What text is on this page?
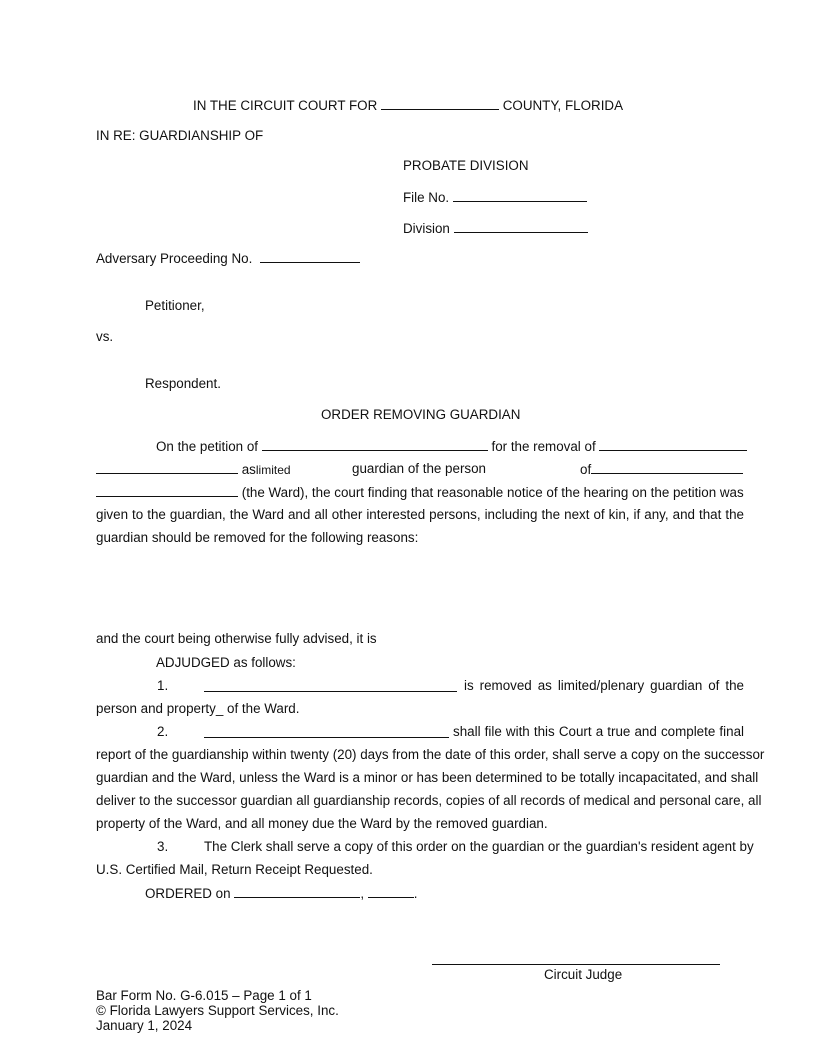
IN THE CIRCUIT COURT FOR	COUNTY, FLORIDA
IN RE: GUARDIANSHIP OF
PROBATE DIVISION
File No.
Division
Adversary Proceeding No.
Petitioner,
vs.
Respondent.
ORDER REMOVING GUARDIAN
On the petition of	for the removal of
aslimited	guardian of the person	of
(the Ward), the court finding that reasonable notice of the hearing on the petition was
given to the guardian, the Ward and all other interested persons, including the next of kin, if any, and that the
guardian should be removed for the following reasons:
and the court being otherwise fully advised, it is
ADJUDGED as follows:
1.	is removed as limited/plenary guardian of the
person and property_ of the Ward.
2.	shall file with this Court a true and complete final
report of the guardianship within twenty (20) days from the date of this order, shall serve a copy on the successor
guardian and the Ward, unless the Ward is a minor or has been determined to be totally incapacitated, and shall
deliver to the successor guardian all guardianship records, copies of all records of medical and personal care, all
property of the Ward, and all money due the Ward by the removed guardian.
3.	The Clerk shall serve a copy of this order on the guardian or the guardian's resident agent by
U.S. Certified Mail, Return Receipt Requested.
ORDERED on	,	.
Circuit Judge
Bar Form No. G-6.015 – Page 1 of 1
© Florida Lawyers Support Services, Inc.
January 1, 2024
